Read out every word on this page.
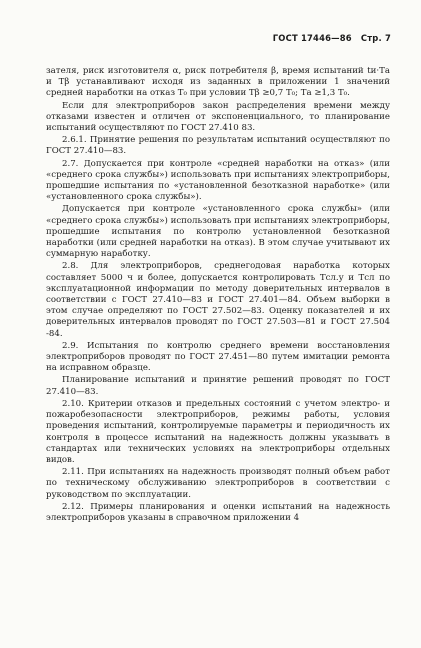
ГОСТ 17446—86 Стр. 7

зателя, риск изготовителя α, риск потребителя β, время испытаний tи·Tа и Tβ устанавливают исходя из заданных в приложении 1 значений средней наработки на отказ T₀ при условии Tβ ≥0,7 T₀; Tа ≥1,3 T₀.

Если для электроприборов закон распределения времени между отказами известен и отличен от экспоненциального, то планирование испытаний осуществляют по ГОСТ 27.410 83.

2.6.1. Принятие решения по результатам испытаний осуществляют по ГОСТ 27.410—83.

2.7. Допускается при контроле «средней наработки на отказ» (или «среднего срока службы») использовать при испытаниях электроприборы, прошедшие испытания по «установленной безотказной наработке» (или «установленного срока службы»).

Допускается при контроле «установленного срока службы» (или «среднего срока службы») использовать при испытаниях электроприборы, прошедшие испытания по контролю установленной безотказной наработки (или средней наработки на отказ). В этом случае учитывают их суммарную наработку.

2.8. Для электроприборов, среднегодовая наработка которых составляет 5000 ч и более, допускается контролировать Tсл.у и Tсл по эксплуатационной информации по методу доверительных интервалов в соответствии с ГОСТ 27.410—83 и ГОСТ 27.401—84. Объем выборки в этом случае определяют по ГОСТ 27.502—83. Оценку показателей и их доверительных интервалов проводят по ГОСТ 27.503—81 и ГОСТ 27.504 -84.

2.9. Испытания по контролю среднего времени восстановления электроприборов проводят по ГОСТ 27.451—80 путем имитации ремонта на исправном образце.

Планирование испытаний и принятие решений проводят по ГОСТ 27.410—83.

2.10. Критерии отказов и предельных состояний с учетом электро- и пожаробезопасности электроприборов, режимы работы, условия проведения испытаний, контролируемые параметры и периодичность их контроля в процессе испытаний на надежность должны указывать в стандартах или технических условиях на электроприборы отдельных видов.

2.11. При испытаниях на надежность производят полный объем работ по техническому обслуживанию электроприборов в соответствии с руководством по эксплуатации.

2.12. Примеры планирования и оценки испытаний на надежность электроприборов указаны в справочном приложении 4
